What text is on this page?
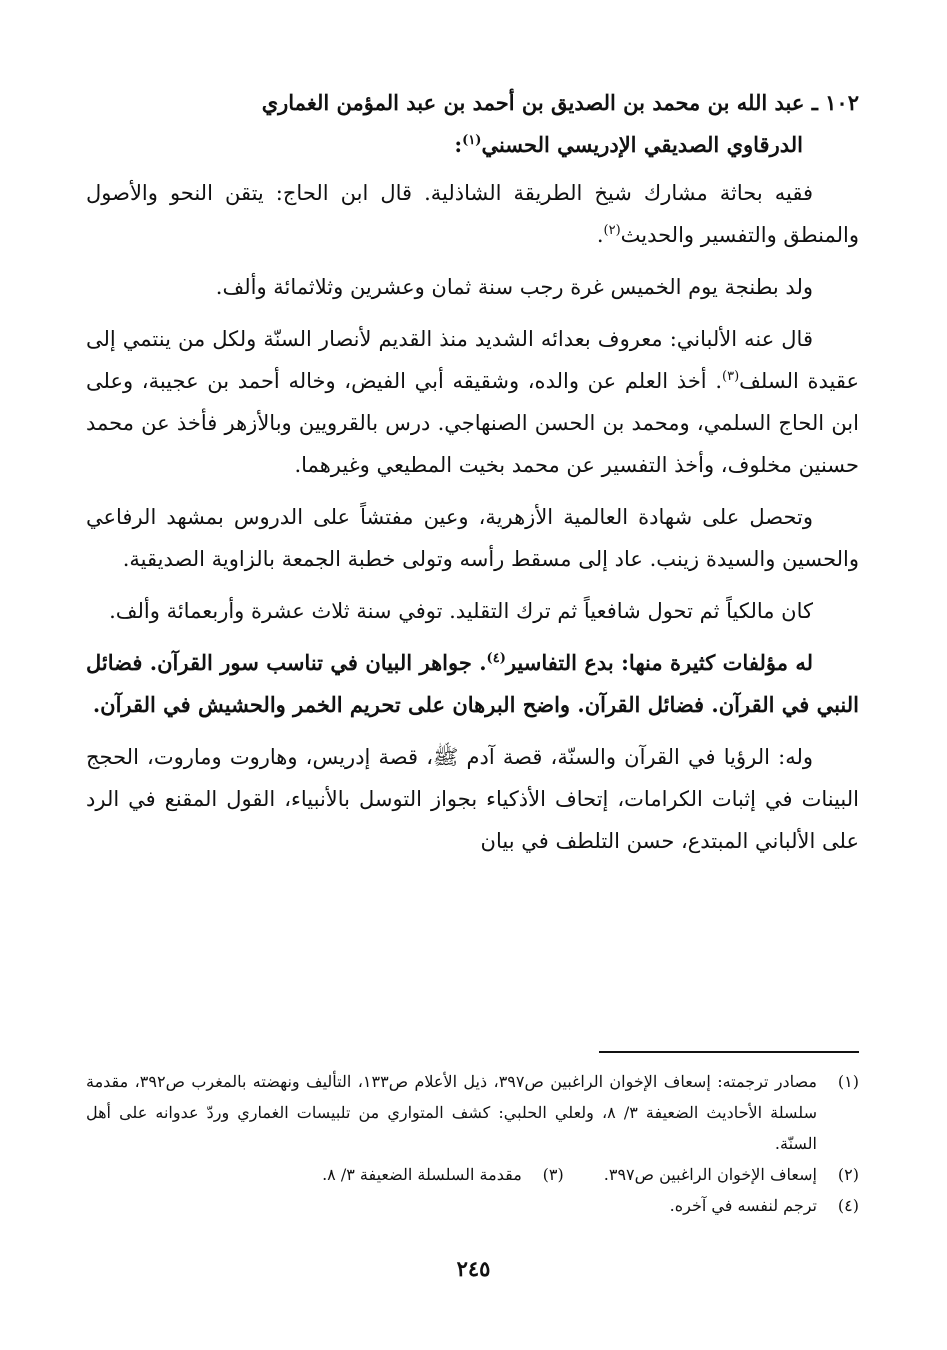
١٠٢ ـ عبد الله بن محمد بن الصديق بن أحمد بن عبد المؤمن الغماري
الدرقاوي الصديقي الإدريسي الحسني$^{(١)}$:

فقيه بحاثة مشارك شيخ الطريقة الشاذلية. قال ابن الحاج: يتقن النحو والأصول والمنطق والتفسير والحديث$^{(٢)}$.

ولد بطنجة يوم الخميس غرة رجب سنة ثمان وعشرين وثلاثمائة وألف.

قال عنه الألباني: معروف بعدائه الشديد منذ القديم لأنصار السنّة ولكل من ينتمي إلى عقيدة السلف$^{(٣)}$. أخذ العلم عن والده، وشقيقه أبي الفيض، وخاله أحمد بن عجيبة، وعلى ابن الحاج السلمي، ومحمد بن الحسن الصنهاجي. درس بالقرويين وبالأزهر فأخذ عن محمد حسنين مخلوف، وأخذ التفسير عن محمد بخيت المطيعي وغيرهما.

وتحصل على شهادة العالمية الأزهرية، وعين مفتشاً على الدروس بمشهد الرفاعي والحسين والسيدة زينب. عاد إلى مسقط رأسه وتولى خطبة الجمعة بالزاوية الصديقية.

كان مالكياً ثم تحول شافعياً ثم ترك التقليد. توفي سنة ثلاث عشرة وأربعمائة وألف.

له مؤلفات كثيرة منها: بدع التفاسير$^{(٤)}$. جواهر البيان في تناسب سور القرآن. فضائل النبي في القرآن. فضائل القرآن. واضح البرهان على تحريم الخمر والحشيش في القرآن.

وله: الرؤيا في القرآن والسنّة، قصة آدم ﷺ، قصة إدريس، وهاروت وماروت، الحجج البينات في إثبات الكرامات، إتحاف الأذكياء بجواز التوسل بالأنبياء، القول المقنع في الرد على الألباني المبتدع، حسن التلطف في بيان

(١)
مصادر ترجمته: إسعاف الإخوان الراغبين ص٣٩٧، ذيل الأعلام ص١٣٣، التأليف ونهضته بالمغرب ص٣٩٢، مقدمة سلسلة الأحاديث الضعيفة ٣/ ٨، ولعلي الحلبي: كشف المتواري من تلبيسات الغماري وردّ عدوانه على أهل السنّة.
(٢)
إسعاف الإخوان الراغبين ص٣٩٧.
(٣)
مقدمة السلسلة الضعيفة ٣/ ٨.
(٤)
ترجم لنفسه في آخره.
٢٤٥
